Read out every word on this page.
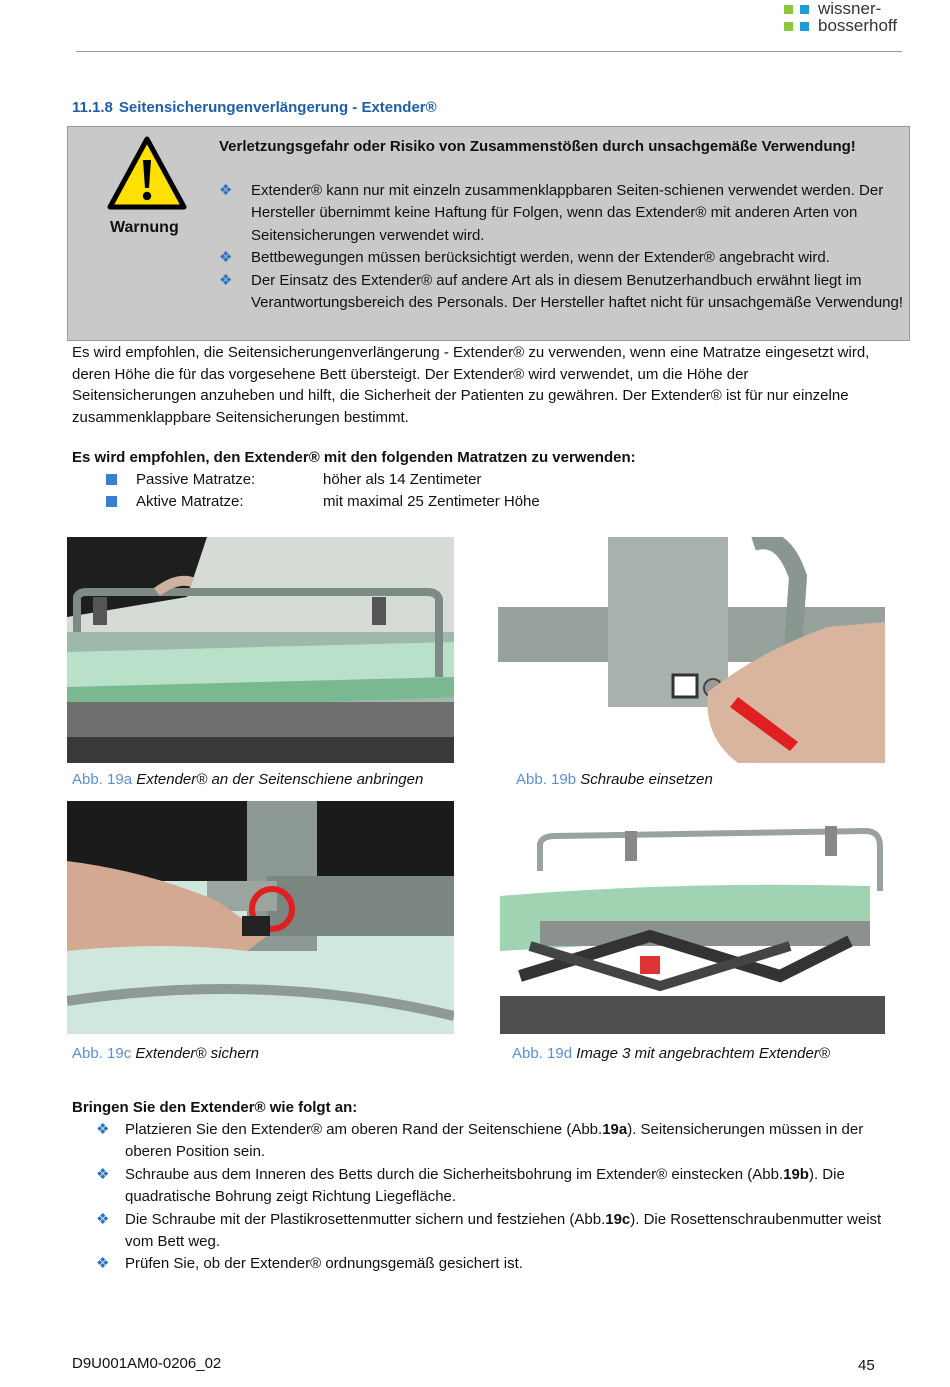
wissner-
bosserhoff
11.1.8 Seitensicherungenverlängerung - Extender®
Warnung
Verletzungsgefahr oder Risiko von Zusammenstößen durch unsachgemäße Verwendung!
❖ Extender® kann nur mit einzeln zusammenklappbaren Seiten-schienen verwendet werden. Der Hersteller übernimmt keine Haftung für Folgen, wenn das Extender® mit anderen Arten von Seitensicherungen verwendet wird.
❖ Bettbewegungen müssen berücksichtigt werden, wenn der Extender® angebracht wird.
❖ Der Einsatz des Extender® auf andere Art als in diesem Benutzerhandbuch erwähnt liegt im Verantwortungsbereich des Personals. Der Hersteller haftet nicht für unsachgemäße Verwendung!
Es wird empfohlen, die Seitensicherungenverlängerung - Extender® zu verwenden, wenn eine Matratze eingesetzt wird, deren Höhe die für das vorgesehene Bett übersteigt. Der Extender® wird verwendet, um die Höhe der Seitensicherungen anzuheben und hilft, die Sicherheit der Patienten zu gewähren. Der Extender® ist für nur einzelne zusammenklappbare Seitensicherungen bestimmt.
Es wird empfohlen, den Extender® mit den folgenden Matratzen zu verwenden:
Passive Matratze:	höher als 14 Zentimeter
Aktive Matratze:	mit maximal 25 Zentimeter Höhe
Abb. 19a Extender® an der Seitenschiene anbringen	Abb. 19b Schraube einsetzen
Abb. 19c Extender® sichern	Abb. 19d Image 3 mit angebrachtem Extender®
Bringen Sie den Extender® wie folgt an:
❖ Platzieren Sie den Extender® am oberen Rand der Seitenschiene (Abb.19a). Seitensicherungen müssen in der oberen Position sein.
❖ Schraube aus dem Inneren des Betts durch die Sicherheitsbohrung im Extender® einstecken (Abb.19b). Die quadratische Bohrung zeigt Richtung Liegefläche.
❖ Die Schraube mit der Plastikrosettenmutter sichern und festziehen (Abb.19c). Die Rosettenschraubenmutter weist vom Bett weg.
❖ Prüfen Sie, ob der Extender® ordnungsgemäß gesichert ist.
D9U001AM0-0206_02	45
